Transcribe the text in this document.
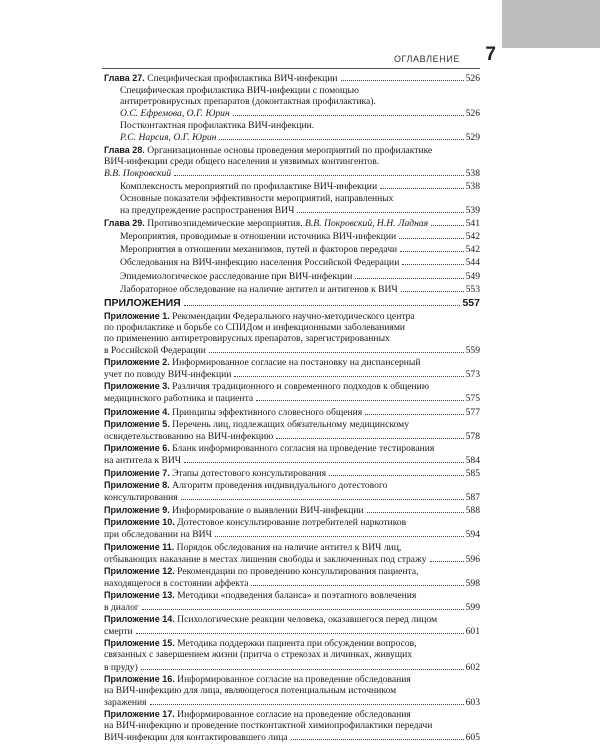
ОГЛАВЛЕНИЕ	7
Глава 27. Специфическая профилактика ВИЧ-инфекции	526
Специфическая профилактика ВИЧ-инфекции с помощью
антиретровирусных препаратов (доконтактная профилактика).
О.С. Ефремова, О.Г. Юрин	526
Постконтактная профилактика ВИЧ-инфекции.
Р.С. Нарсия, О.Г. Юрин	529
Глава 28. Организационные основы проведения мероприятий по профилактике
ВИЧ-инфекции среди общего населения и уязвимых контингентов.
В.В. Покровский	538
Комплексность мероприятий по профилактике ВИЧ-инфекции	538
Основные показатели эффективности мероприятий, направленных
на предупреждение распространения ВИЧ	539
Глава 29. Противоэпидемические мероприятия. В.В. Покровский, Н.Н. Ладная	541
Мероприятия, проводимые в отношении источника ВИЧ-инфекции	542
Мероприятия в отношении механизмов, путей и факторов передачи	542
Обследования на ВИЧ-инфекцию населения Российской Федерации	544
Эпидемиологическое расследование при ВИЧ-инфекции	549
Лабораторное обследование на наличие антител и антигенов к ВИЧ	553
ПРИЛОЖЕНИЯ	557
Приложение 1. Рекомендации Федерального научно-методического центра
по профилактике и борьбе со СПИДом и инфекционными заболеваниями
по применению антиретровирусных препаратов, зарегистрированных
в Российской Федерации	559
Приложение 2. Информированное согласие на постановку на диспансерный
учет по поводу ВИЧ-инфекции	573
Приложение 3. Различия традиционного и современного подходов к общению
медицинского работника и пациента	575
Приложение 4. Принципы эффективного словесного общения	577
Приложение 5. Перечень лиц, подлежащих обязательному медицинскому
освидетельствованию на ВИЧ-инфекцию	578
Приложение 6. Бланк информированного согласия на проведение тестирования
на антитела к ВИЧ	584
Приложение 7. Этапы дотестового консультирования	585
Приложение 8. Алгоритм проведения индивидуального дотестового
консультирования	587
Приложение 9. Информирование о выявлении ВИЧ-инфекции	588
Приложение 10. Дотестовое консультирование потребителей наркотиков
при обследовании на ВИЧ	594
Приложение 11. Порядок обследования на наличие антител к ВИЧ лиц,
отбывающих наказание в местах лишения свободы и заключенных под стражу	596
Приложение 12. Рекомендации по проведению консультирования пациента,
находящегося в состоянии аффекта	598
Приложение 13. Методики «подведения баланса» и поэтапного вовлечения
в диалог	599
Приложение 14. Психологические реакции человека, оказавшегося перед лицом
смерти	601
Приложение 15. Методика поддержки пациента при обсуждении вопросов,
связанных с завершением жизни (притча о стрекозах и личинках, живущих
в пруду)	602
Приложение 16. Информированное согласие на проведение обследования
на ВИЧ-инфекцию для лица, являющегося потенциальным источником
заражения	603
Приложение 17. Информированное согласие на проведение обследования
на ВИЧ-инфекцию и проведение постконтактной химиопрофилактики передачи
ВИЧ-инфекции для контактировавшего лица	605
